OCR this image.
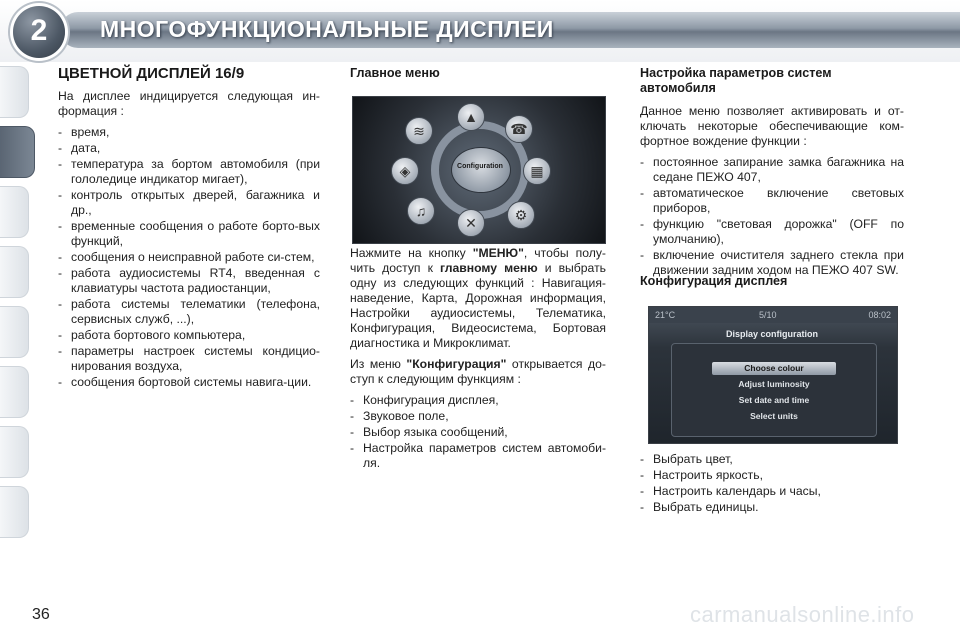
МНОГОФУНКЦИОНАЛЬНЫЕ ДИСПЛЕИ
2
ЦВЕТНОЙ ДИСПЛЕЙ 16/9
На дисплее индицируется следующая ин-формация :
- время,
- дата,
- температура за бортом автомобиля (при гололедице индикатор мигает),
- контроль открытых дверей, багажника и др.,
- временные сообщения о работе борто-вых функций,
- сообщения о неисправной работе си-стем,
- работа аудиосистемы RT4, введенная с клавиатуры частота радиостанции,
- работа системы телематики (телефона, сервисных служб, ...),
- работа бортового компьютера,
- параметры настроек системы кондицио-нирования воздуха,
- сообщения бортовой системы навига-ции.
Главное меню
≋
▲
☎
▦
⚙
✕
♫
◈	Configuration
Нажмите на кнопку "МЕНЮ", чтобы полу-чить доступ к главному меню и выбрать одну из следующих функций : Навигация-наведение, Карта, Дорожная информация, Настройки аудиосистемы, Телематика, Конфигурация, Видеосистема, Бортовая диагностика и Микроклимат.
Из меню "Конфигурация" открывается до-ступ к следующим функциям :
- Конфигурация дисплея,
- Звуковое поле,
- Выбор языка сообщений,
- Настройка параметров систем автомоби-ля.
Настройка параметров систем автомобиля
Данное меню позволяет активировать и от-ключать некоторые обеспечивающие ком-фортное вождение функции :
- постоянное запирание замка багажника на седане ПЕЖО 407,
- автоматическое включение световых приборов,
- функцию "световая дорожка" (OFF по умолчанию),
- включение очистителя заднего стекла при движении задним ходом на ПЕЖО 407 SW.
Конфигурация дисплея
21°C	5/10	08:02
Display configuration
Choose colour
Adjust luminosity
Set date and time
Select units
- Выбрать цвет,
- Настроить яркость,
- Настроить календарь и часы,
- Выбрать единицы.
36	carmanualsonline.info
